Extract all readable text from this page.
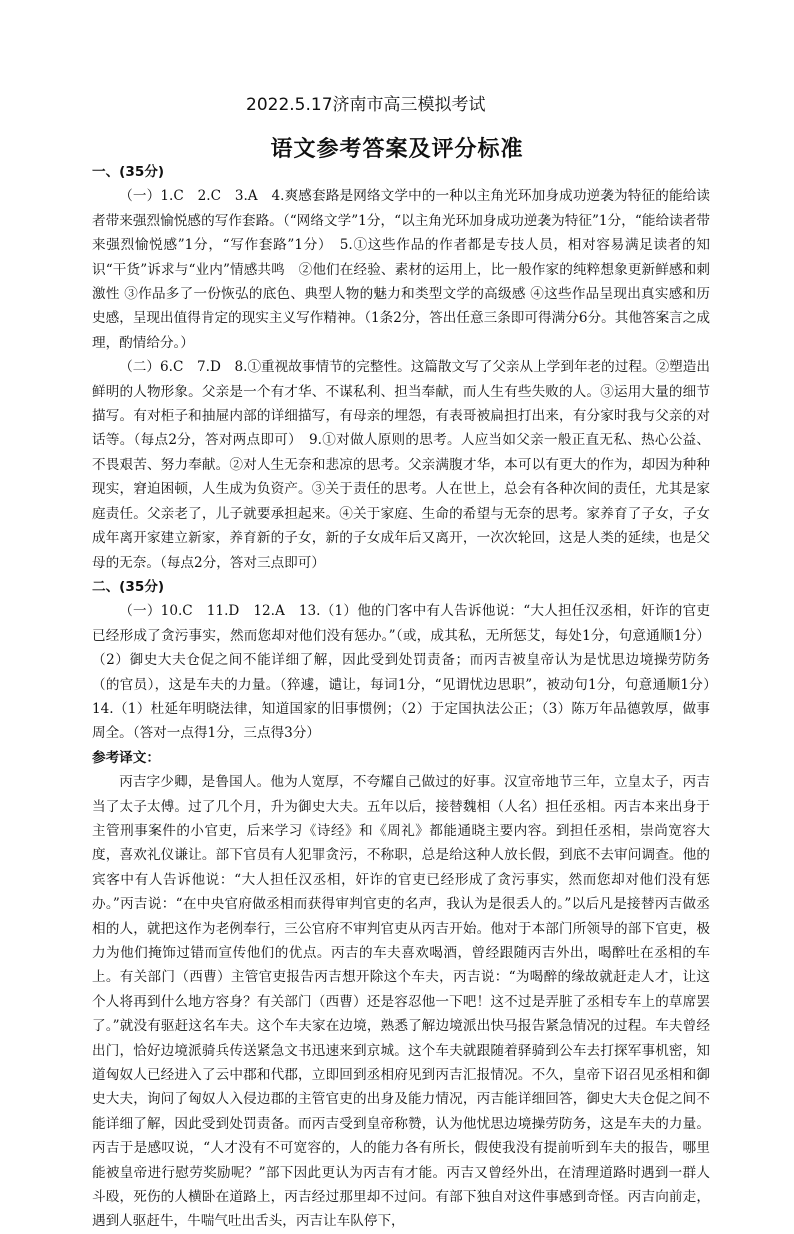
2022.5.17济南市高三模拟考试
语文参考答案及评分标准

一、(35分)

（一）1.C　2.C　3.A　4.爽感套路是网络文学中的一种以主角光环加身成功逆袭为特征的能给读者带来强烈愉悦感的写作套路。（“网络文学”1分，“以主角光环加身成功逆袭为特征”1分，“能给读者带来强烈愉悦感”1分，“写作套路”1分）　5.①这些作品的作者都是专技人员，相对容易满足读者的知识“干货”诉求与“业内”情感共鸣　②他们在经验、素材的运用上，比一般作家的纯粹想象更新鲜感和刺激性 ③作品多了一份恢弘的底色、典型人物的魅力和类型文学的高级感 ④这些作品呈现出真实感和历史感，呈现出值得肯定的现实主义写作精神。（1条2分，答出任意三条即可得满分6分。其他答案言之成理，酌情给分。）

（二）6.C　7.D　8.①重视故事情节的完整性。这篇散文写了父亲从上学到年老的过程。②塑造出鲜明的人物形象。父亲是一个有才华、不谋私利、担当奉献，而人生有些失败的人。③运用大量的细节描写。有对柜子和抽屉内部的详细描写，有母亲的埋怨，有表哥被扁担打出来，有分家时我与父亲的对话等。（每点2分，答对两点即可）　9.①对做人原则的思考。人应当如父亲一般正直无私、热心公益、不畏艰苦、努力奉献。②对人生无奈和悲凉的思考。父亲满腹才华，本可以有更大的作为，却因为种种现实，窘迫困顿，人生成为负资产。③关于责任的思考。人在世上，总会有各种次间的责任，尤其是家庭责任。父亲老了，儿子就要承担起来。④关于家庭、生命的希望与无奈的思考。家养育了子女，子女成年离开家建立新家，养育新的子女，新的子女成年后又离开，一次次轮回，这是人类的延续，也是父母的无奈。（每点2分，答对三点即可）

二、(35分)

（一）10.C　11.D　12.A　13.（1）他的门客中有人告诉他说：“大人担任汉丞相，奸诈的官吏已经形成了贪污事实，然而您却对他们没有惩办。”（或，成其私，无所惩艾，每处1分，句意通顺1分）（2）御史大夫仓促之间不能详细了解，因此受到处罚责备；而丙吉被皇帝认为是忧思边境操劳防务（的官员），这是车夫的力量。（猝遽，谴让，每词1分，“见谓忧边思职”，被动句1分，句意通顺1分）　14.（1）杜延年明晓法律，知道国家的旧事惯例；（2）于定国执法公正；（3）陈万年品德敦厚，做事周全。（答对一点得1分，三点得3分）

参考译文：

丙吉字少卿，是鲁国人。他为人宽厚，不夸耀自己做过的好事。汉宣帝地节三年，立皇太子，丙吉当了太子太傅。过了几个月，升为御史大夫。五年以后，接替魏相（人名）担任丞相。丙吉本来出身于主管刑事案件的小官吏，后来学习《诗经》和《周礼》都能通晓主要内容。到担任丞相，崇尚宽容大度，喜欢礼仪谦让。部下官员有人犯罪贪污，不称职，总是给这种人放长假，到底不去审问调查。他的宾客中有人告诉他说：“大人担任汉丞相，奸诈的官吏已经形成了贪污事实，然而您却对他们没有惩办。”丙吉说：“在中央官府做丞相而获得审判官吏的名声，我认为是很丢人的。”以后凡是接替丙吉做丞相的人，就把这作为老例奉行，三公官府不审判官吏从丙吉开始。他对于本部门所领导的部下官吏，极力为他们掩饰过错而宣传他们的优点。丙吉的车夫喜欢喝酒，曾经跟随丙吉外出，喝醉吐在丞相的车上。有关部门（西曹）主管官吏报告丙吉想开除这个车夫，丙吉说：“为喝醉的缘故就赶走人才，让这个人将再到什么地方容身？有关部门（西曹）还是容忍他一下吧！这不过是弄脏了丞相专车上的草席罢了。”就没有驱赶这名车夫。这个车夫家在边境，熟悉了解边境派出快马报告紧急情况的过程。车夫曾经出门，恰好边境派骑兵传送紧急文书迅速来到京城。这个车夫就跟随着驿骑到公车去打探军事机密，知道匈奴人已经进入了云中郡和代郡，立即回到丞相府见到丙吉汇报情况。不久，皇帝下诏召见丞相和御史大夫，询问了匈奴人入侵边郡的主管官吏的出身及能力情况，丙吉能详细回答，御史大夫仓促之间不能详细了解，因此受到处罚责备。而丙吉受到皇帝称赞，认为他忧思边境操劳防务，这是车夫的力量。丙吉于是感叹说，“人才没有不可宽容的，人的能力各有所长，假使我没有提前听到车夫的报告，哪里能被皇帝进行慰劳奖励呢？”部下因此更认为丙吉有才能。丙吉又曾经外出，在清理道路时遇到一群人斗殴，死伤的人横卧在道路上，丙吉经过那里却不过问。有部下独自对这件事感到奇怪。丙吉向前走，遇到人驱赶牛，牛喘气吐出舌头，丙吉让车队停下，
